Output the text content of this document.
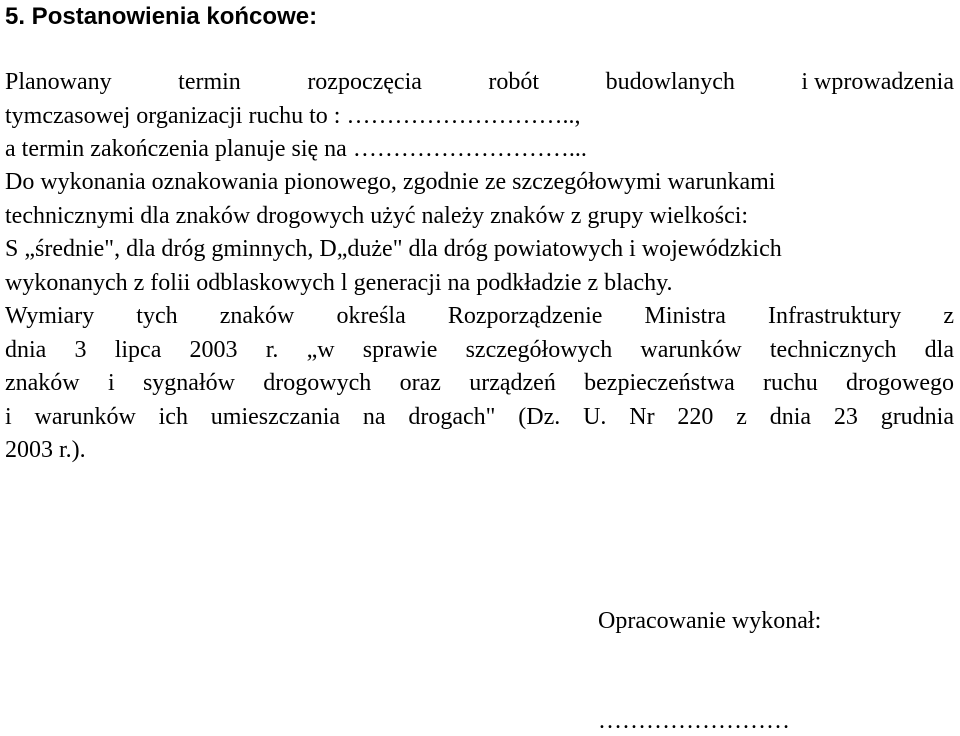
5. Postanowienia końcowe:
Planowany	termin	rozpoczęcia	robót	budowlanych	i wprowadzenia
tymczasowej organizacji ruchu to : ………………………..,
a termin zakończenia planuje się na ………………………...
Do wykonania oznakowania pionowego, zgodnie ze szczegółowymi warunkami
technicznymi dla znaków drogowych użyć należy znaków z grupy wielkości:
S „średnie", dla dróg gminnych, D„duże" dla dróg powiatowych i wojewódzkich
wykonanych z folii odblaskowych l generacji na podkładzie z blachy.
Wymiary tych znaków określa Rozporządzenie Ministra Infrastruktury z
dnia 3 lipca 2003 r. „w sprawie szczegółowych warunków technicznych dla
znaków i sygnałów drogowych oraz urządzeń bezpieczeństwa ruchu drogowego
i warunków ich umieszczania na drogach" (Dz. U. Nr 220 z dnia 23 grudnia
2003 r.).
Opracowanie wykonał:
……………………
